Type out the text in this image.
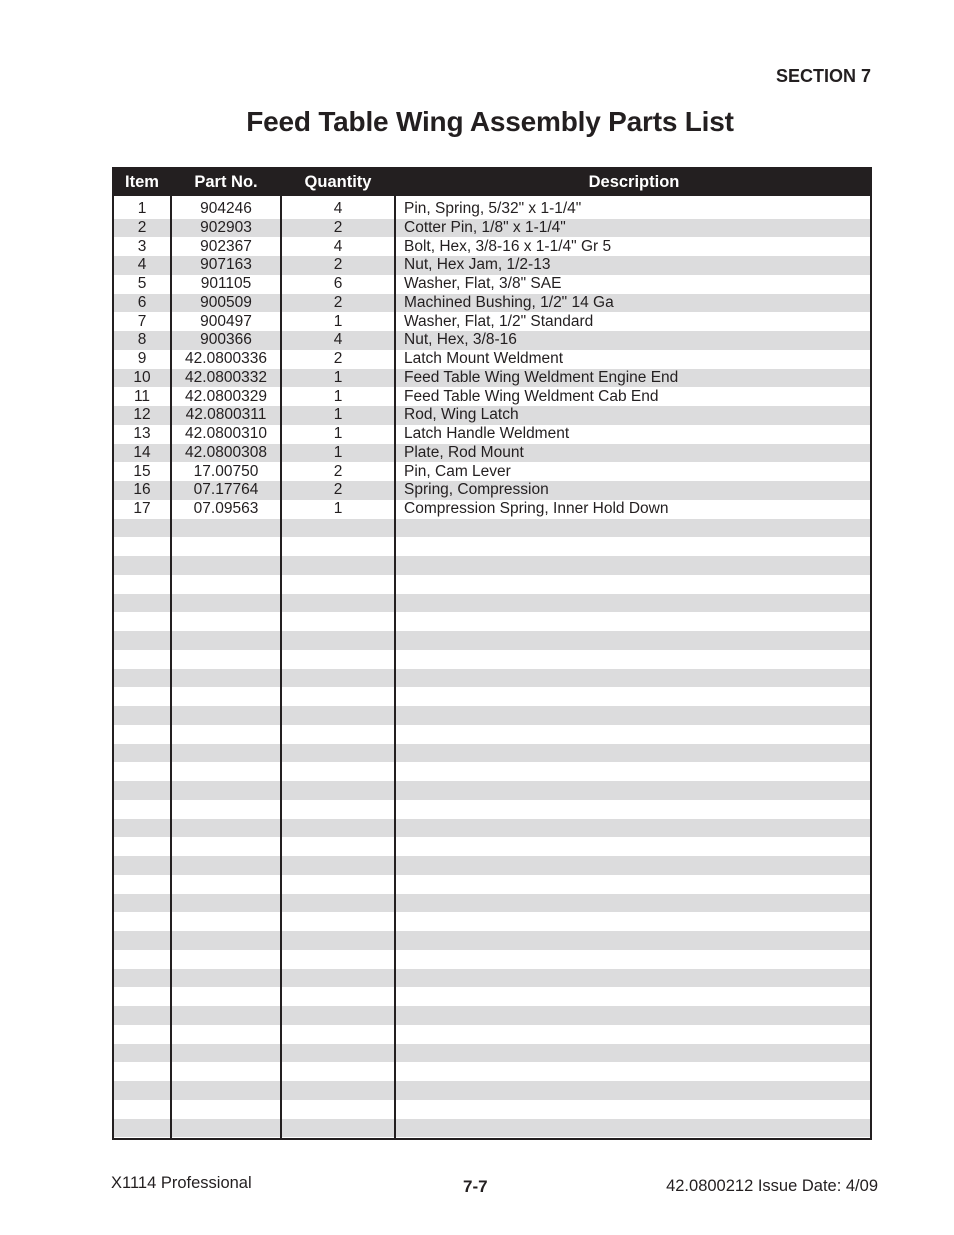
SECTION 7
Feed Table Wing Assembly Parts List
Item	Part No.	Quantity	Description
1	904246	4	Pin, Spring, 5/32" x 1-1/4"
2	902903	2	Cotter Pin, 1/8" x 1-1/4"
3	902367	4	Bolt, Hex, 3/8-16 x 1-1/4" Gr 5
4	907163	2	Nut, Hex Jam, 1/2-13
5	901105	6	Washer, Flat, 3/8" SAE
6	900509	2	Machined Bushing, 1/2" 14 Ga
7	900497	1	Washer, Flat, 1/2" Standard
8	900366	4	Nut, Hex, 3/8-16
9	42.0800336	2	Latch Mount Weldment
10	42.0800332	1	Feed Table Wing Weldment Engine End
11	42.0800329	1	Feed Table Wing Weldment Cab End
12	42.0800311	1	Rod, Wing Latch
13	42.0800310	1	Latch Handle Weldment
14	42.0800308	1	Plate, Rod Mount
15	17.00750	2	Pin, Cam Lever
16	07.17764	2	Spring, Compression
17	07.09563	1	Compression Spring, Inner Hold Down
X1114 Professional	7-7	42.0800212 Issue Date: 4/09
